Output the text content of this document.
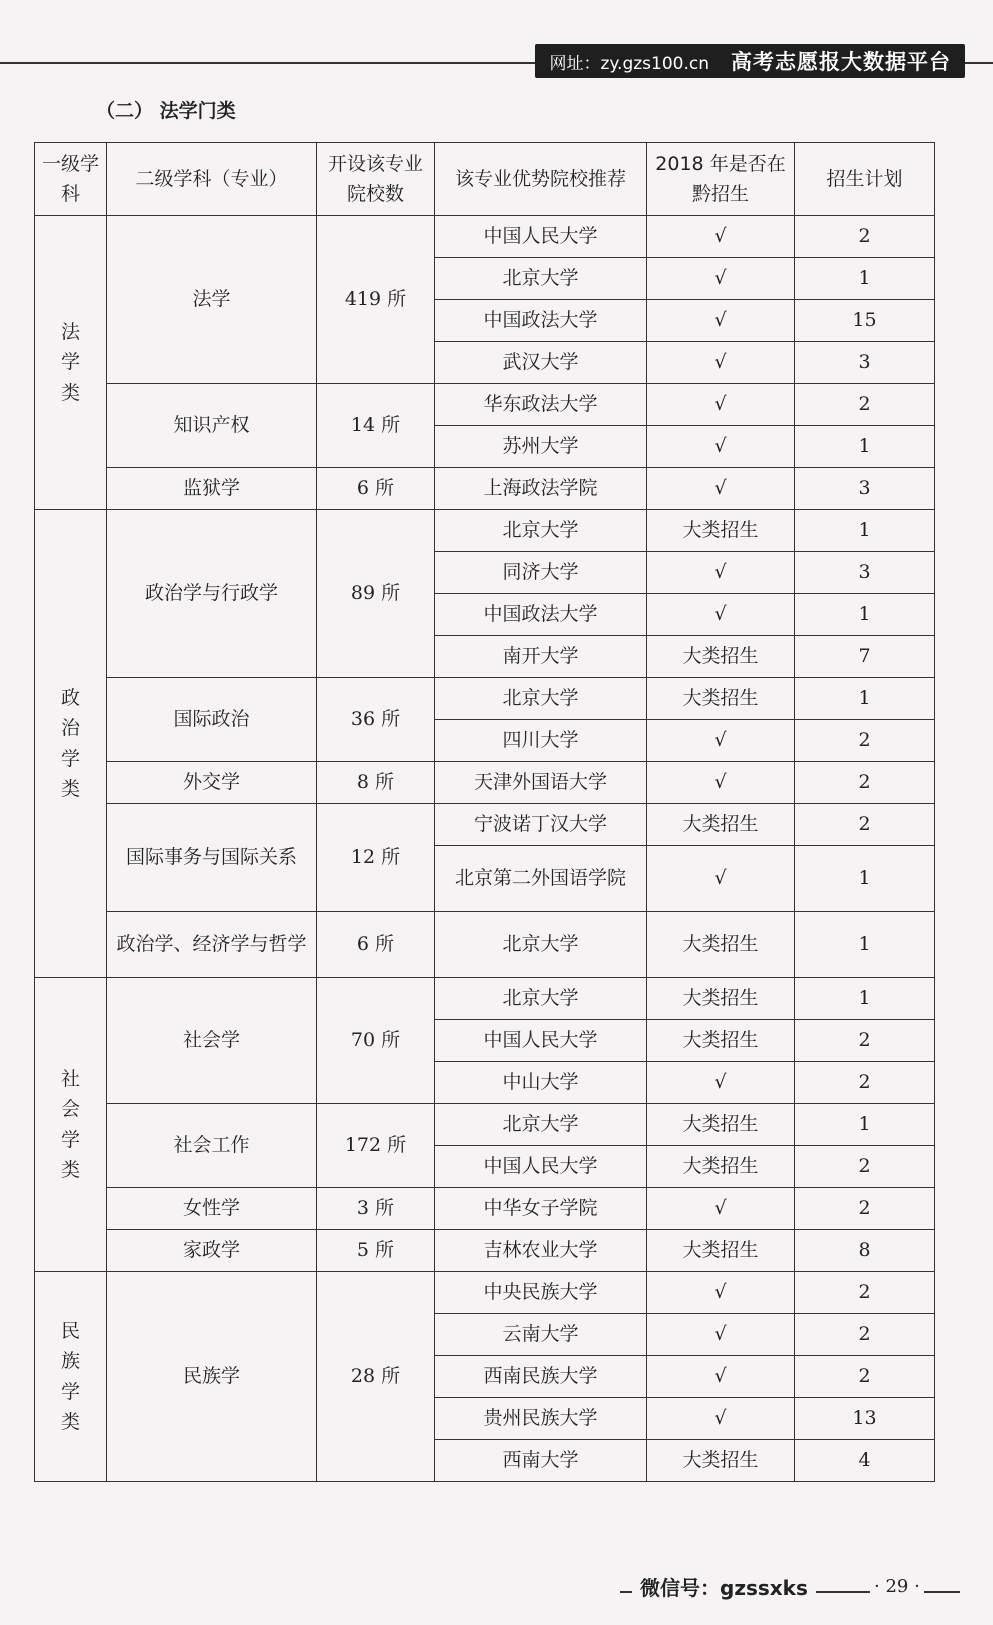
网址：zy.gzs100.cn 高考志愿报大数据平台
（二） 法学门类
一级学科	二级学科（专业）	开设该专业院校数	该专业优势院校推荐	2018 年是否在黔招生	招生计划

法
学
类	法学	419 所	中国人民大学	√	2
			北京大学	√	1
			中国政法大学	√	15
			武汉大学	√	3
	知识产权	14 所	华东政法大学	√	2
			苏州大学	√	1
	监狱学	6 所	上海政法学院	√	3

政
治
学
类	政治学与行政学	89 所	北京大学	大类招生	1
			同济大学	√	3
			中国政法大学	√	1
			南开大学	大类招生	7
	国际政治	36 所	北京大学	大类招生	1
			四川大学	√	2
	外交学	8 所	天津外国语大学	√	2
	国际事务与国际关系	12 所	宁波诺丁汉大学	大类招生	2
			北京第二外国语学院	√	1
	政治学、经济学与哲学	6 所	北京大学	大类招生	1

社
会
学
类	社会学	70 所	北京大学	大类招生	1
			中国人民大学	大类招生	2
			中山大学	√	2
	社会工作	172 所	北京大学	大类招生	1
			中国人民大学	大类招生	2
	女性学	3 所	中华女子学院	√	2
	家政学	5 所	吉林农业大学	大类招生	8

民
族
学
类	民族学	28 所	中央民族大学	√	2
			云南大学	√	2
			西南民族大学	√	2
			贵州民族大学	√	13
			西南大学	大类招生	4
微信号：gzssxks	· 29 ·
